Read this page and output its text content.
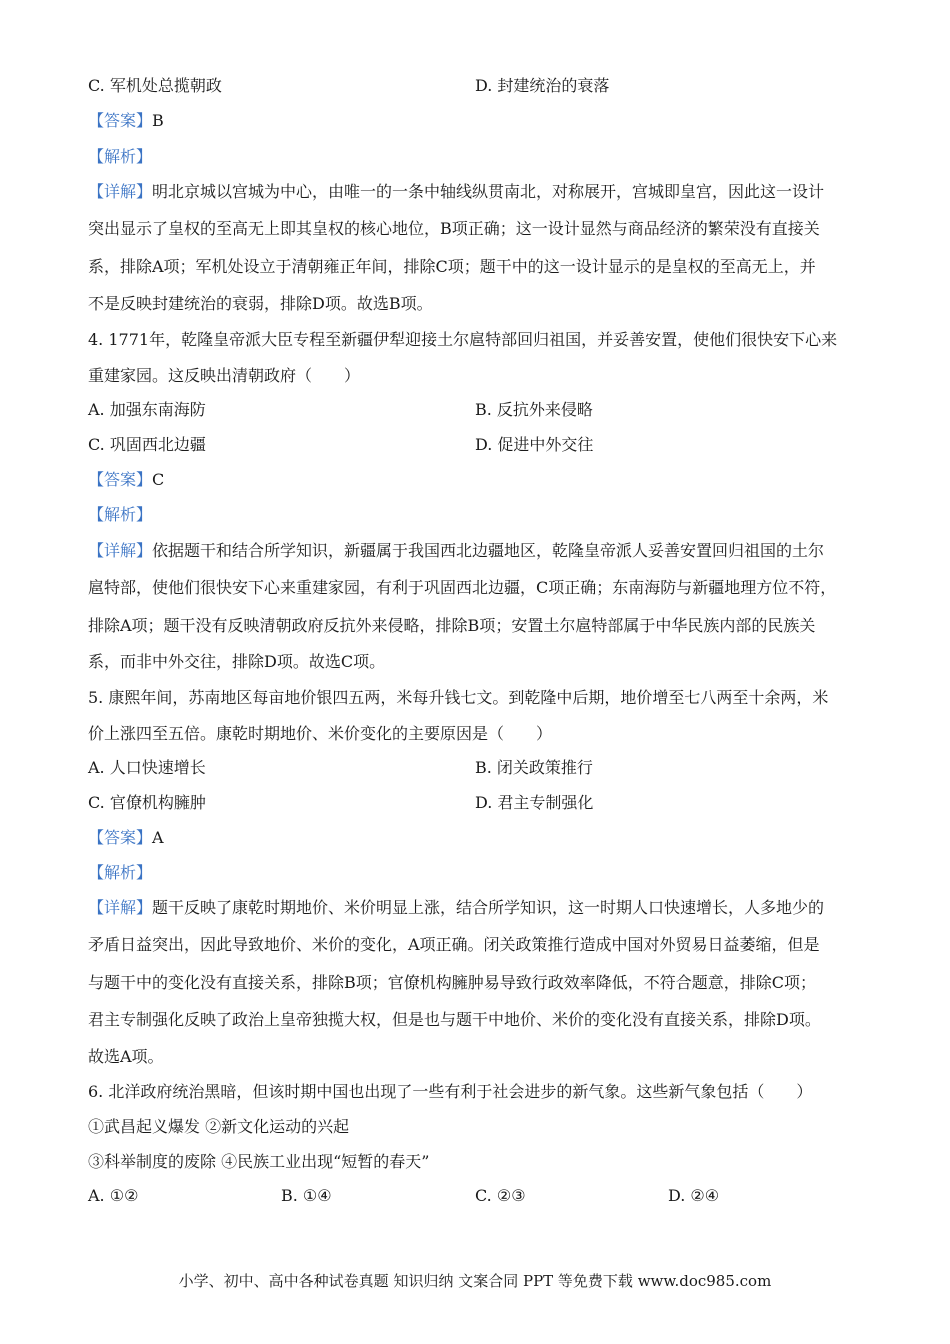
C. 军机处总揽朝政	D. 封建统治的衰落
【答案】B
【解析】
【详解】明北京城以宫城为中心，由唯一的一条中轴线纵贯南北，对称展开，宫城即皇宫，因此这一设计
突出显示了皇权的至高无上即其皇权的核心地位，B项正确；这一设计显然与商品经济的繁荣没有直接关
系，排除A项；军机处设立于清朝雍正年间，排除C项；题干中的这一设计显示的是皇权的至高无上，并
不是反映封建统治的衰弱，排除D项。故选B项。
4. 1771年，乾隆皇帝派大臣专程至新疆伊犁迎接土尔扈特部回归祖国，并妥善安置，使他们很快安下心来
重建家园。这反映出清朝政府（　　）
A. 加强东南海防	B. 反抗外来侵略
C. 巩固西北边疆	D. 促进中外交往
【答案】C
【解析】
【详解】依据题干和结合所学知识，新疆属于我国西北边疆地区，乾隆皇帝派人妥善安置回归祖国的土尔
扈特部，使他们很快安下心来重建家园，有利于巩固西北边疆，C项正确；东南海防与新疆地理方位不符，
排除A项；题干没有反映清朝政府反抗外来侵略，排除B项；安置土尔扈特部属于中华民族内部的民族关
系，而非中外交往，排除D项。故选C项。
5. 康熙年间，苏南地区每亩地价银四五两，米每升钱七文。到乾隆中后期，地价增至七八两至十余两，米
价上涨四至五倍。康乾时期地价、米价变化的主要原因是（　　）
A. 人口快速增长	B. 闭关政策推行
C. 官僚机构臃肿	D. 君主专制强化
【答案】A
【解析】
【详解】题干反映了康乾时期地价、米价明显上涨，结合所学知识，这一时期人口快速增长，人多地少的
矛盾日益突出，因此导致地价、米价的变化，A项正确。闭关政策推行造成中国对外贸易日益萎缩，但是
与题干中的变化没有直接关系，排除B项；官僚机构臃肿易导致行政效率降低，不符合题意，排除C项；
君主专制强化反映了政治上皇帝独揽大权，但是也与题干中地价、米价的变化没有直接关系，排除D项。
故选A项。
6. 北洋政府统治黑暗，但该时期中国也出现了一些有利于社会进步的新气象。这些新气象包括（　　）
①武昌起义爆发 ②新文化运动的兴起
③科举制度的废除 ④民族工业出现“短暂的春天”
A. ①②	B. ①④	C. ②③	D. ②④
小学、初中、高中各种试卷真题 知识归纳 文案合同 PPT 等免费下载 www.doc985.com
